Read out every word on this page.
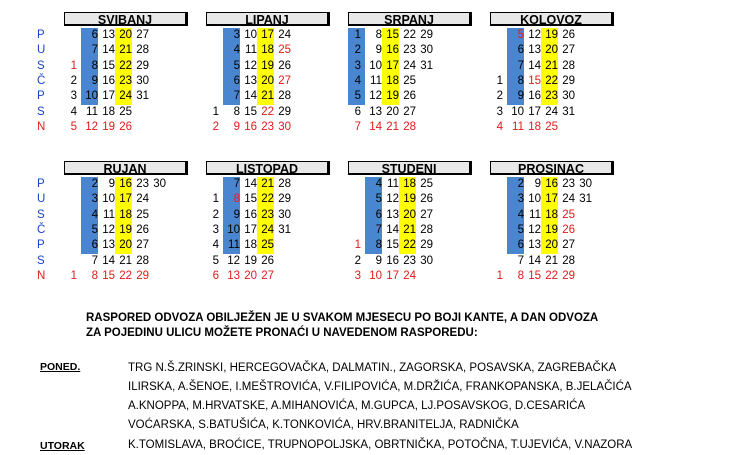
P
U
S
Č
P
S
N
SVIBANJ
6 13 20 27
7 14 21 28
1	8 15 22 29
2	9 16 23 30
3 10 17 24 31
4 11 18 25
5 12 19 26
LIPANJ
3 10 17 24
4 11 18 25
5 12 19 26
6 13 20 27
7 14 21 28
1	8 15 22 29
2	9 16 23 30
SRPANJ
1	8 15 22 29
2	9 16 23 30
3 10 17 24 31
4 11 18 25
5 12 19 26
6 13 20 27
7 14 21 28
KOLOVOZ
5 12 19 26
6 13 20 27
7 14 21 28
1	8 15 22 29
2	9 16 23 30
3 10 17 24 31
4 11 18 25
P
U
S
Č
P
S
N
RUJAN
2 9 16 23 30
3 10 17 24
4 11 18 25
5 12 19 26
6 13 20 27
7 14 21 28
1	8 15 22 29
LISTOPAD
7 14 21 28
1	8 15 22 29
2	9 16 23 30
3 10 17 24 31
4 11 18 25
5 12 19 26
6 13 20 27
STUDENI
4 11 18 25
5 12 19 26
6 13 20 27
7 14 21 28
1	8 15 22 29
2	9 16 23 30
3 10 17 24
PROSINAC
2 9 16 23 30
3 10 17 24 31
4 11 18 25
5 12 19 26
6 13 20 27
7 14 21 28
1	8 15 22 29
RASPORED ODVOZA OBILJEŽEN JE U SVAKOM MJESECU PO BOJI KANTE, A DAN ODVOZA
ZA POJEDINU ULICU MOŽETE PRONAĆI U NAVEDENOM RASPOREDU:
PONED.	TRG N.Š.ZRINSKI, HERCEGOVAČKA, DALMATIN., ZAGORSKA, POSAVSKA, ZAGREBAČKA
ILIRSKA, A.ŠENOE, I.MEŠTROVIĆA, V.FILIPOVIĆA, M.DRŽIĆA, FRANKOPANSKA, B.JELAČIĆA
A.KNOPPA, M.HRVATSKE, A.MIHANOVIĆA, M.GUPCA, LJ.POSAVSKOG, D.CESARIĆA
VOĆARSKA, S.BATUŠIĆA, K.TONKOVIĆA, HRV.BRANITELJA, RADNIČKA
UTORAK	K.TOMISLAVA, BROĆICE, TRUPNOPOLJSKA, OBRTNIČKA, POTOČNA, T.UJEVIĆA, V.NAZORA
